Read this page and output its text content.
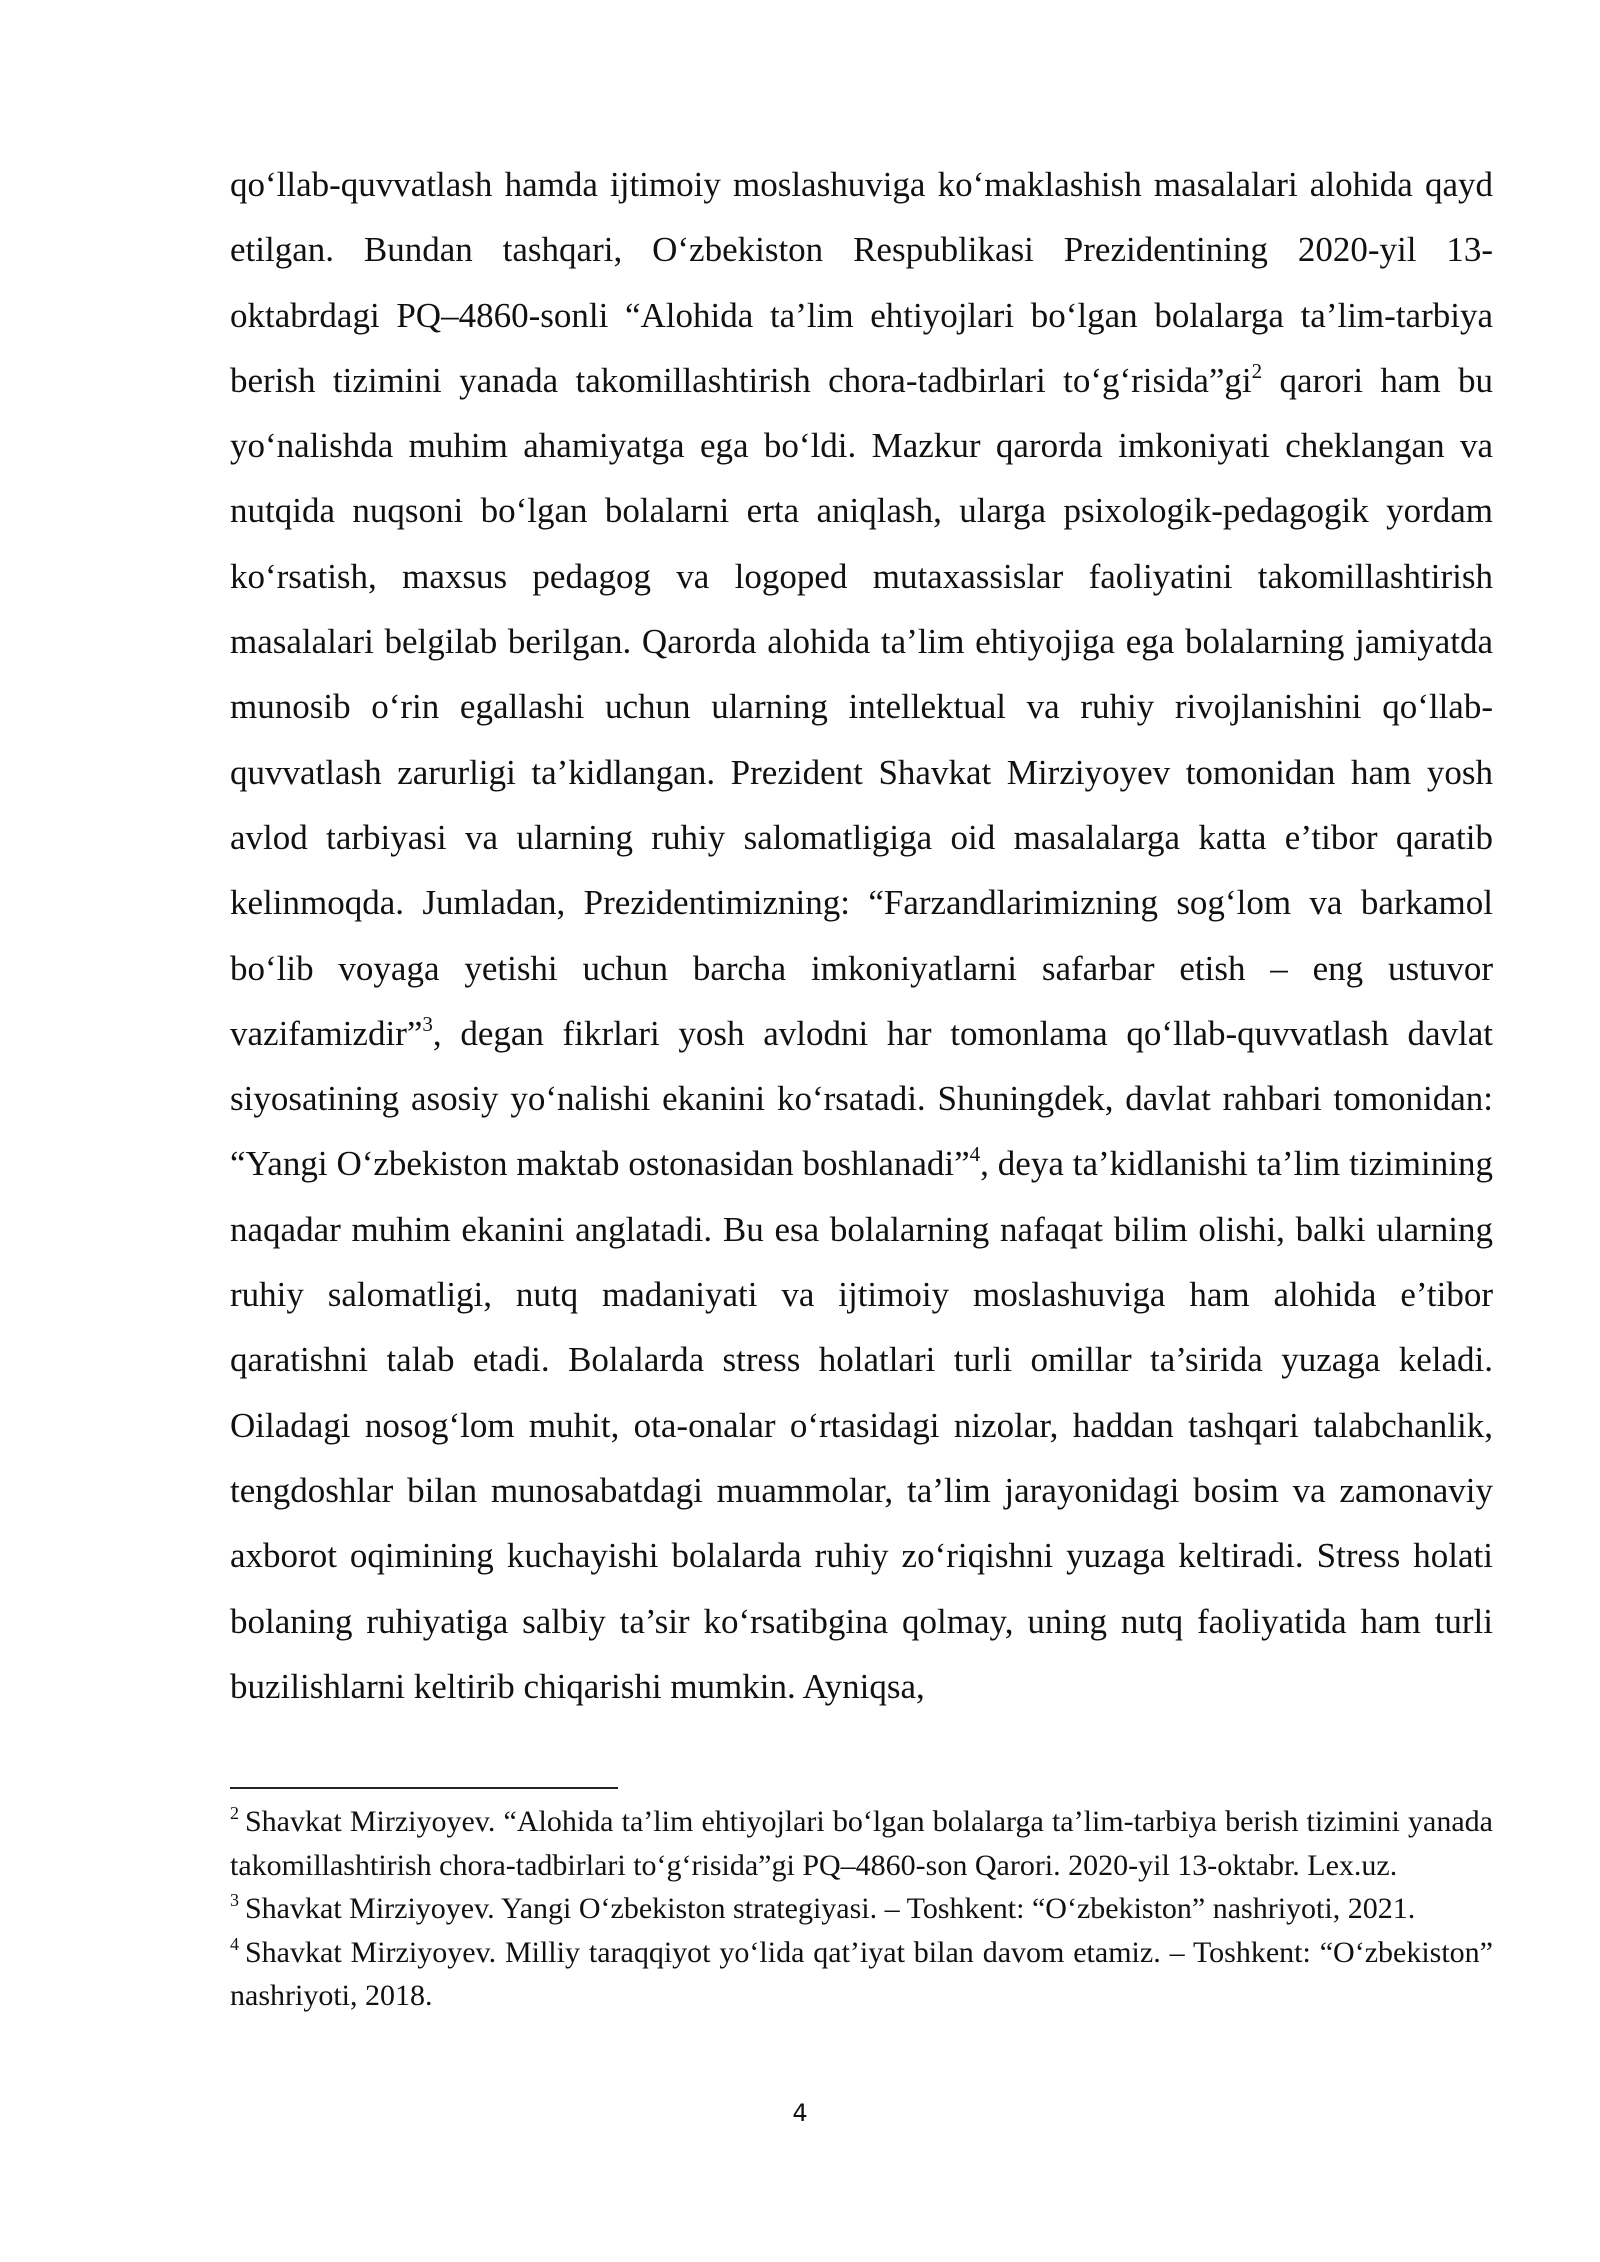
qo‘llab-quvvatlash hamda ijtimoiy moslashuviga ko‘maklashish masalalari alohida qayd etilgan. Bundan tashqari, O‘zbekiston Respublikasi Prezidentining 2020-yil 13-oktabrdagi PQ–4860-sonli “Alohida ta’lim ehtiyojlari bo‘lgan bolalarga ta’lim-tarbiya berish tizimini yanada takomillashtirish chora-tadbirlari to‘g‘risida”gi$^2$ qarori ham bu yo‘nalishda muhim ahamiyatga ega bo‘ldi. Mazkur qarorda imkoniyati cheklangan va nutqida nuqsoni bo‘lgan bolalarni erta aniqlash, ularga psixologik-pedagogik yordam ko‘rsatish, maxsus pedagog va logoped mutaxassislar faoliyatini takomillashtirish masalalari belgilab berilgan. Qarorda alohida ta’lim ehtiyojiga ega bolalarning jamiyatda munosib o‘rin egallashi uchun ularning intellektual va ruhiy rivojlanishini qo‘llab-quvvatlash zarurligi ta’kidlangan. Prezident Shavkat Mirziyoyev tomonidan ham yosh avlod tarbiyasi va ularning ruhiy salomatligiga oid masalalarga katta e’tibor qaratib kelinmoqda. Jumladan, Prezidentimizning: “Farzandlarimizning sog‘lom va barkamol bo‘lib voyaga yetishi uchun barcha imkoniyatlarni safarbar etish – eng ustuvor vazifamizdir”$^3$, degan fikrlari yosh avlodni har tomonlama qo‘llab-quvvatlash davlat siyosatining asosiy yo‘nalishi ekanini ko‘rsatadi. Shuningdek, davlat rahbari tomonidan: “Yangi O‘zbekiston maktab ostonasidan boshlanadi”$^4$, deya ta’kidlanishi ta’lim tizimining naqadar muhim ekanini anglatadi. Bu esa bolalarning nafaqat bilim olishi, balki ularning ruhiy salomatligi, nutq madaniyati va ijtimoiy moslashuviga ham alohida e’tibor qaratishni talab etadi. Bolalarda stress holatlari turli omillar ta’sirida yuzaga keladi. Oiladagi nosog‘lom muhit, ota-onalar o‘rtasidagi nizolar, haddan tashqari talabchanlik, tengdoshlar bilan munosabatdagi muammolar, ta’lim jarayonidagi bosim va zamonaviy axborot oqimining kuchayishi bolalarda ruhiy zo‘riqishni yuzaga keltiradi. Stress holati bolaning ruhiyatiga salbiy ta’sir ko‘rsatibgina qolmay, uning nutq faoliyatida ham turli buzilishlarni keltirib chiqarishi mumkin. Ayniqsa,

$^2$ Shavkat Mirziyoyev. “Alohida ta’lim ehtiyojlari bo‘lgan bolalarga ta’lim-tarbiya berish tizimini yanada takomillashtirish chora-tadbirlari to‘g‘risida”gi PQ–4860-son Qarori. 2020-yil 13-oktabr. Lex.uz.

$^3$ Shavkat Mirziyoyev. Yangi O‘zbekiston strategiyasi. – Toshkent: “O‘zbekiston” nashriyoti, 2021.

$^4$ Shavkat Mirziyoyev. Milliy taraqqiyot yo‘lida qat’iyat bilan davom etamiz. – Toshkent: “O‘zbekiston” nashriyoti, 2018.

4
